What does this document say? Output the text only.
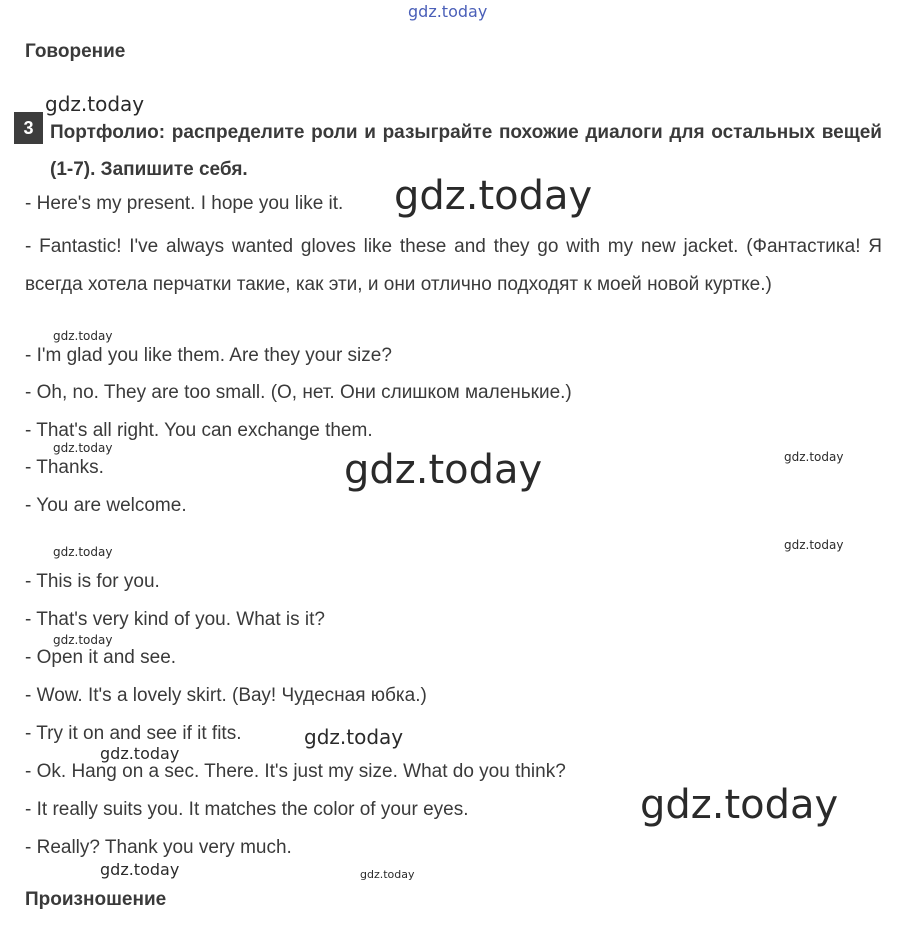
gdz.today
Говорение
gdz.today
3 Портфолио: распределите роли и разыграйте похожие диалоги для остальных вещей (1-7). Запишите себя.
- Here's my present. I hope you like it. gdz.today
- Fantastic! I've always wanted gloves like these and they go with my new jacket. (Фантастика! Я всегда хотела перчатки такие, как эти, и они отлично подходят к моей новой куртке.)
gdz.today
- I'm glad you like them. Are they your size?
- Oh, no. They are too small. (О, нет. Они слишком маленькие.)
- That's all right. You can exchange them.
gdz.today
gdz.today
- Thanks.	gdz.today
- You are welcome.
gdz.today
gdz.today
- This is for you.
- That's very kind of you. What is it?
gdz.today
- Open it and see.
- Wow. It's a lovely skirt. (Вау! Чудесная юбка.)
- Try it on and see if it fits.	gdz.today
gdz.today
- Ok. Hang on a sec. There. It's just my size. What do you think?
gdz.today
- It really suits you. It matches the color of your eyes.
- Really? Thank you very much.
gdz.today	gdz.today
Произношение
